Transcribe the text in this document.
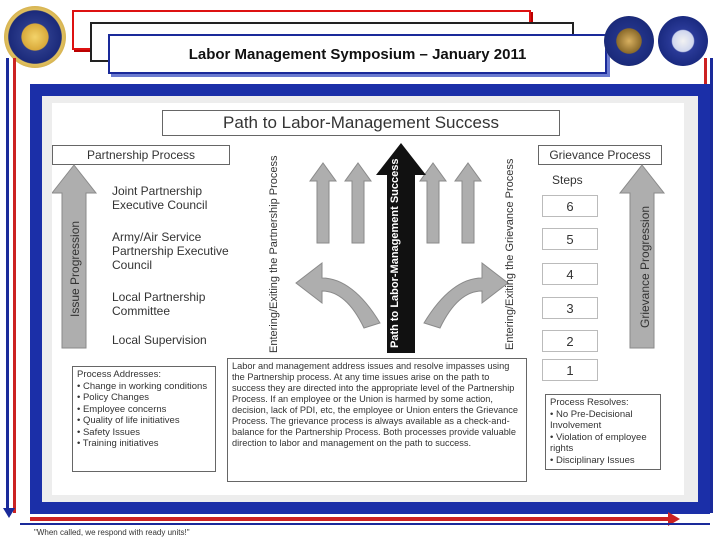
Labor Management Symposium – January 2011
Path to Labor-Management Success
Partnership Process	Grievance Process
Issue Progression	Grievance Progression
Entering/Exiting the Partnership Process	Path to Labor-Management Success	Entering/Exiting the Grievance Process
Joint Partnership Executive Council
Army/Air Service Partnership Executive Council
Local Partnership Committee
Local Supervision
Steps
6
5
4
3
2
1
Process Addresses:
• Change in working conditions
• Policy Changes
• Employee concerns
• Quality of life initiatives
• Safety Issues
• Training initiatives
Labor and management address issues and resolve impasses using the Partnership process. At any time issues arise on the path to success they are directed into the appropriate level of the Partnership Process. If an employee or the Union is harmed by some action, decision, lack of PDI, etc, the employee or Union enters the Grievance Process. The grievance process is always available as a check-and-balance for the Partnership Process. Both processes provide valuable direction to labor and management on the path to success.
Process Resolves:
• No Pre-Decisional Involvement
• Violation of employee rights
• Disciplinary Issues
"When called, we respond with ready units!"
